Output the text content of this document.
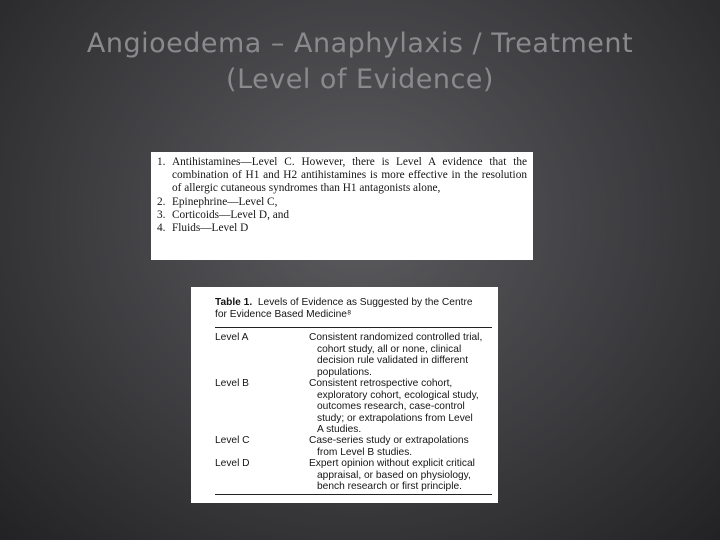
Angioedema – Anaphylaxis / Treatment
(Level of Evidence)
1. Antihistamines—Level C. However, there is Level A evidence that the combination of H1 and H2 antihistamines is more effective in the resolution of allergic cutaneous syndromes than H1 antagonists alone,
2. Epinephrine—Level C,
3. Corticoids—Level D, and
4. Fluids—Level D
Table 1. Levels of Evidence as Suggested by the Centre for Evidence Based Medicine⁸
Level A	Consistent randomized controlled trial,
cohort study, all or none, clinical
decision rule validated in different
populations.
Level B	Consistent retrospective cohort,
exploratory cohort, ecological study,
outcomes research, case-control
study; or extrapolations from Level
A studies.
Level C	Case-series study or extrapolations
from Level B studies.
Level D	Expert opinion without explicit critical
appraisal, or based on physiology,
bench research or first principle.
